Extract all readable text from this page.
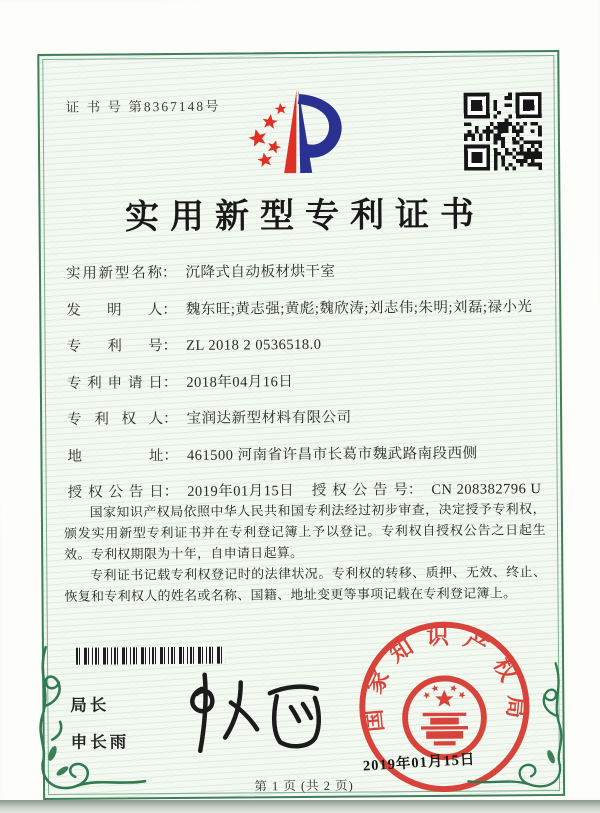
证 书 号 第8367148号
实用新型专利证书
实用新型名称： 沉降式自动板材烘干室
发明人： 魏东旺;黄志强;黄彪;魏欣涛;刘志伟;朱明;刘磊;禄小光
专利号： ZL 2018 2 0536518.0
专利申请日： 2018年04月16日
专利权人： 宝润达新型材料有限公司
地址： 461500 河南省许昌市长葛市魏武路南段西侧
授权公告日： 2019年01月15日 授权公告号： CN 208382796 U

国家知识产权局依照中华人民共和国专利法经过初步审查，决定授予专利权，颁发实用新型专利证书并在专利登记簿上予以登记。专利权自授权公告之日起生效。专利权期限为十年，自申请日起算。

专利证书记载专利权登记时的法律状况。专利权的转移、质押、无效、终止、恢复和专利权人的姓名或名称、国籍、地址变更等事项记载在专利登记簿上。

局长
申长雨
国家知识产权局
2019年01月15日
第 1 页 (共 2 页)
